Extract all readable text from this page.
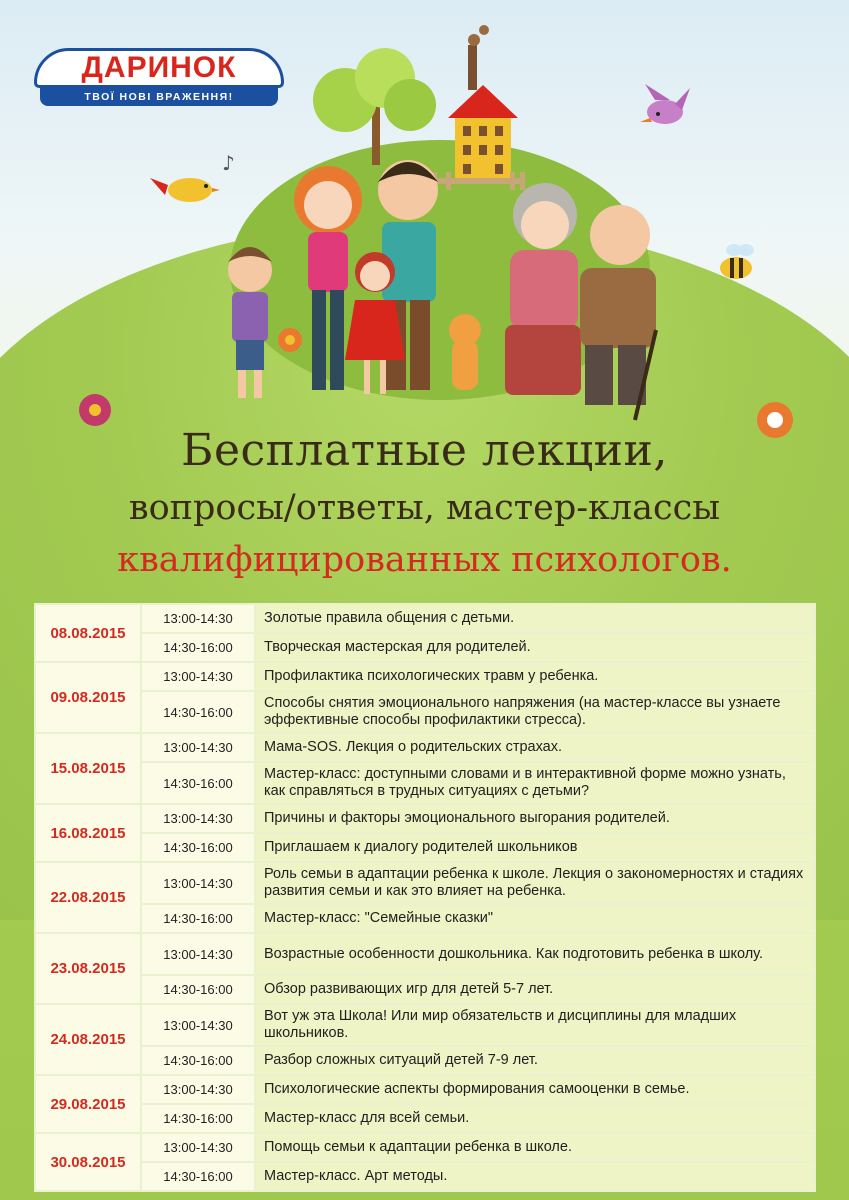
♪
ДАРИНОК
ТВОЇ НОВІ ВРАЖЕННЯ!
Бесплатные лекции,
вопросы/ответы, мастер-классы
квалифицированных психологов.
08.08.2015	13:00-14:30	Золотые правила общения с детьми.
	14:30-16:00	Творческая мастерская для родителей.
09.08.2015	13:00-14:30	Профилактика психологических травм у ребенка.
	14:30-16:00	Способы снятия эмоционального напряжения (на мастер-классе вы узнаете эффективные способы профилактики стресса).
15.08.2015	13:00-14:30	Мама-SOS. Лекция о родительских страхах.
	14:30-16:00	Мастер-класс: доступными словами и в интерактивной форме можно узнать, как справляться в трудных ситуациях с детьми?
16.08.2015	13:00-14:30	Причины и факторы эмоционального выгорания родителей.
	14:30-16:00	Приглашаем к диалогу родителей школьников
22.08.2015	13:00-14:30	Роль семьи в адаптации ребенка к школе. Лекция о закономерностях и стадиях развития семьи и как это влияет на ребенка.
	14:30-16:00	Мастер-класс: "Семейные сказки"
23.08.2015	13:00-14:30	Возрастные особенности дошкольника. Как подготовить ребенка в школу.
	14:30-16:00	Обзор развивающих игр для детей 5-7 лет.
24.08.2015	13:00-14:30	Вот уж эта Школа! Или мир обязательств и дисциплины для младших школьников.
	14:30-16:00	Разбор сложных ситуаций детей 7-9 лет.
29.08.2015	13:00-14:30	Психологические аспекты формирования самооценки в семье.
	14:30-16:00	Мастер-класс для всей семьи.
30.08.2015	13:00-14:30	Помощь семьи к адаптации ребенка в школе.
	14:30-16:00	Мастер-класс. Арт методы.
